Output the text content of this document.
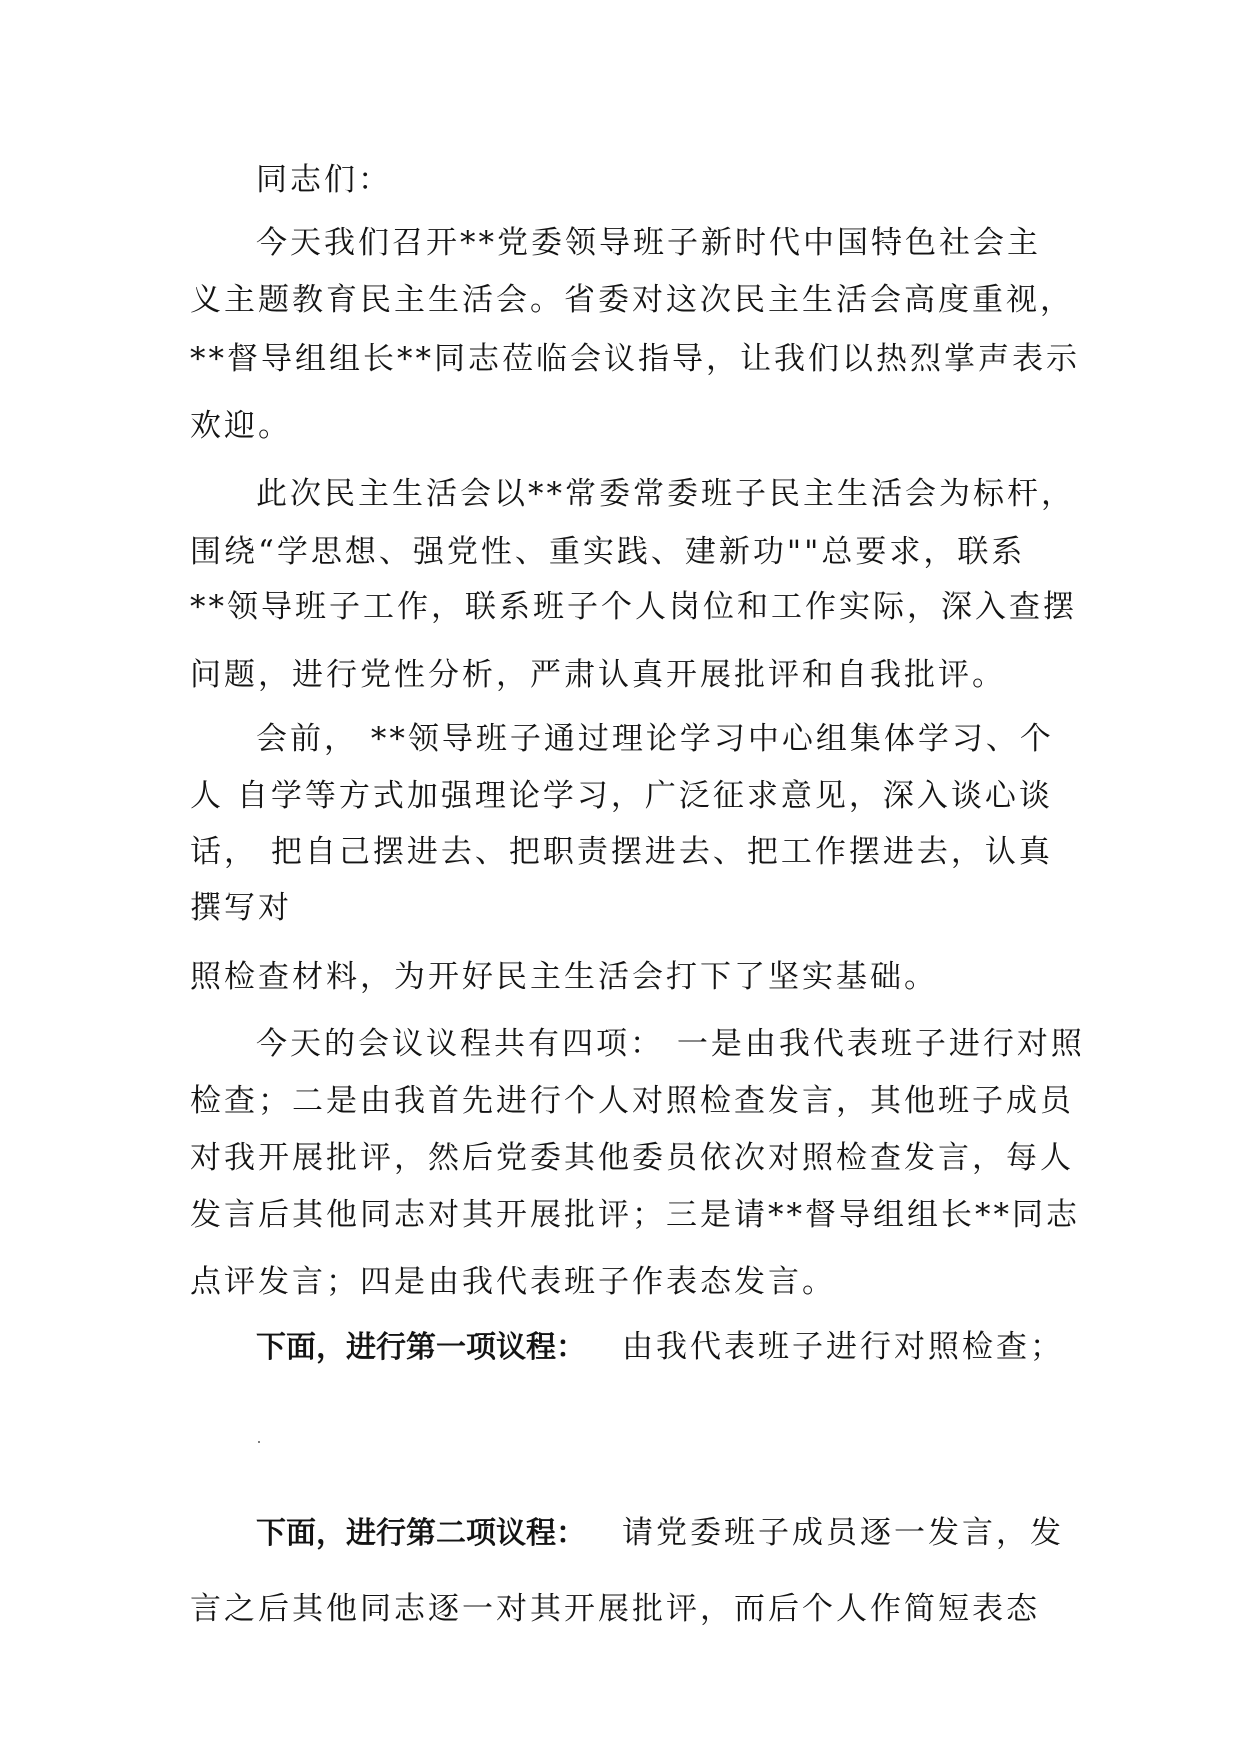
同志们：
今天我们召开**党委领导班子新时代中国特色社会主
义主题教育民主生活会。省委对这次民主生活会高度重视，
**督导组组长**同志莅临会议指导，让我们以热烈掌声表示
欢迎。
此次民主生活会以**常委常委班子民主生活会为标杆，
围绕“学思想、强党性、重实践、建新功""总要求，联系
**领导班子工作，联系班子个人岗位和工作实际，深入查摆
问题，进行党性分析，严肃认真开展批评和自我批评。
会前， **领导班子通过理论学习中心组集体学习、个
人 自学等方式加强理论学习，广泛征求意见，深入谈心谈
话， 把自己摆进去、把职责摆进去、把工作摆进去，认真
撰写对
照检查材料，为开好民主生活会打下了坚实基础。
今天的会议议程共有四项： 一是由我代表班子进行对照
检查；二是由我首先进行个人对照检查发言，其他班子成员
对我开展批评，然后党委其他委员依次对照检查发言，每人
发言后其他同志对其开展批评；三是请**督导组组长**同志
点评发言；四是由我代表班子作表态发言。
下面，进行第一项议程： 由我代表班子进行对照检查；
下面，进行第二项议程： 请党委班子成员逐一发言，发
言之后其他同志逐一对其开展批评，而后个人作简短表态
